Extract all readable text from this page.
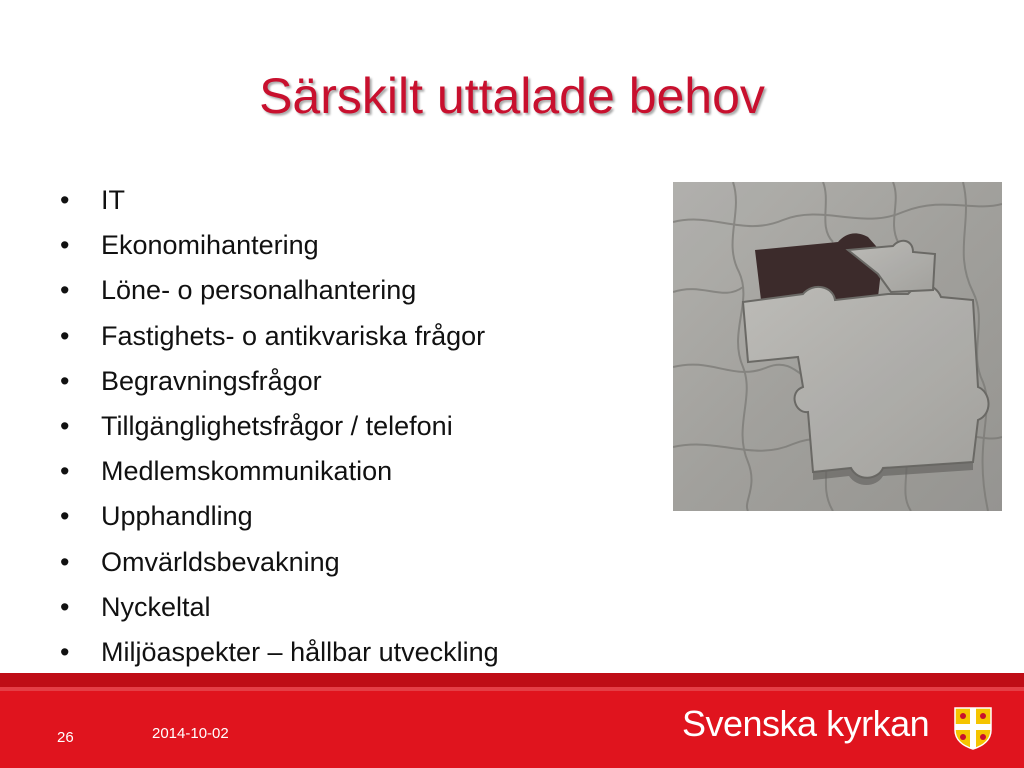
Särskilt uttalade behov
• IT
• Ekonomihantering
• Löne- o personalhantering
• Fastighets- o antikvariska frågor
• Begravningsfrågor
• Tillgänglighetsfrågor / telefoni
• Medlemskommunikation
• Upphandling
• Omvärldsbevakning
• Nyckeltal
• Miljöaspekter – hållbar utveckling
26	2014-10-02	Svenska kyrkan
